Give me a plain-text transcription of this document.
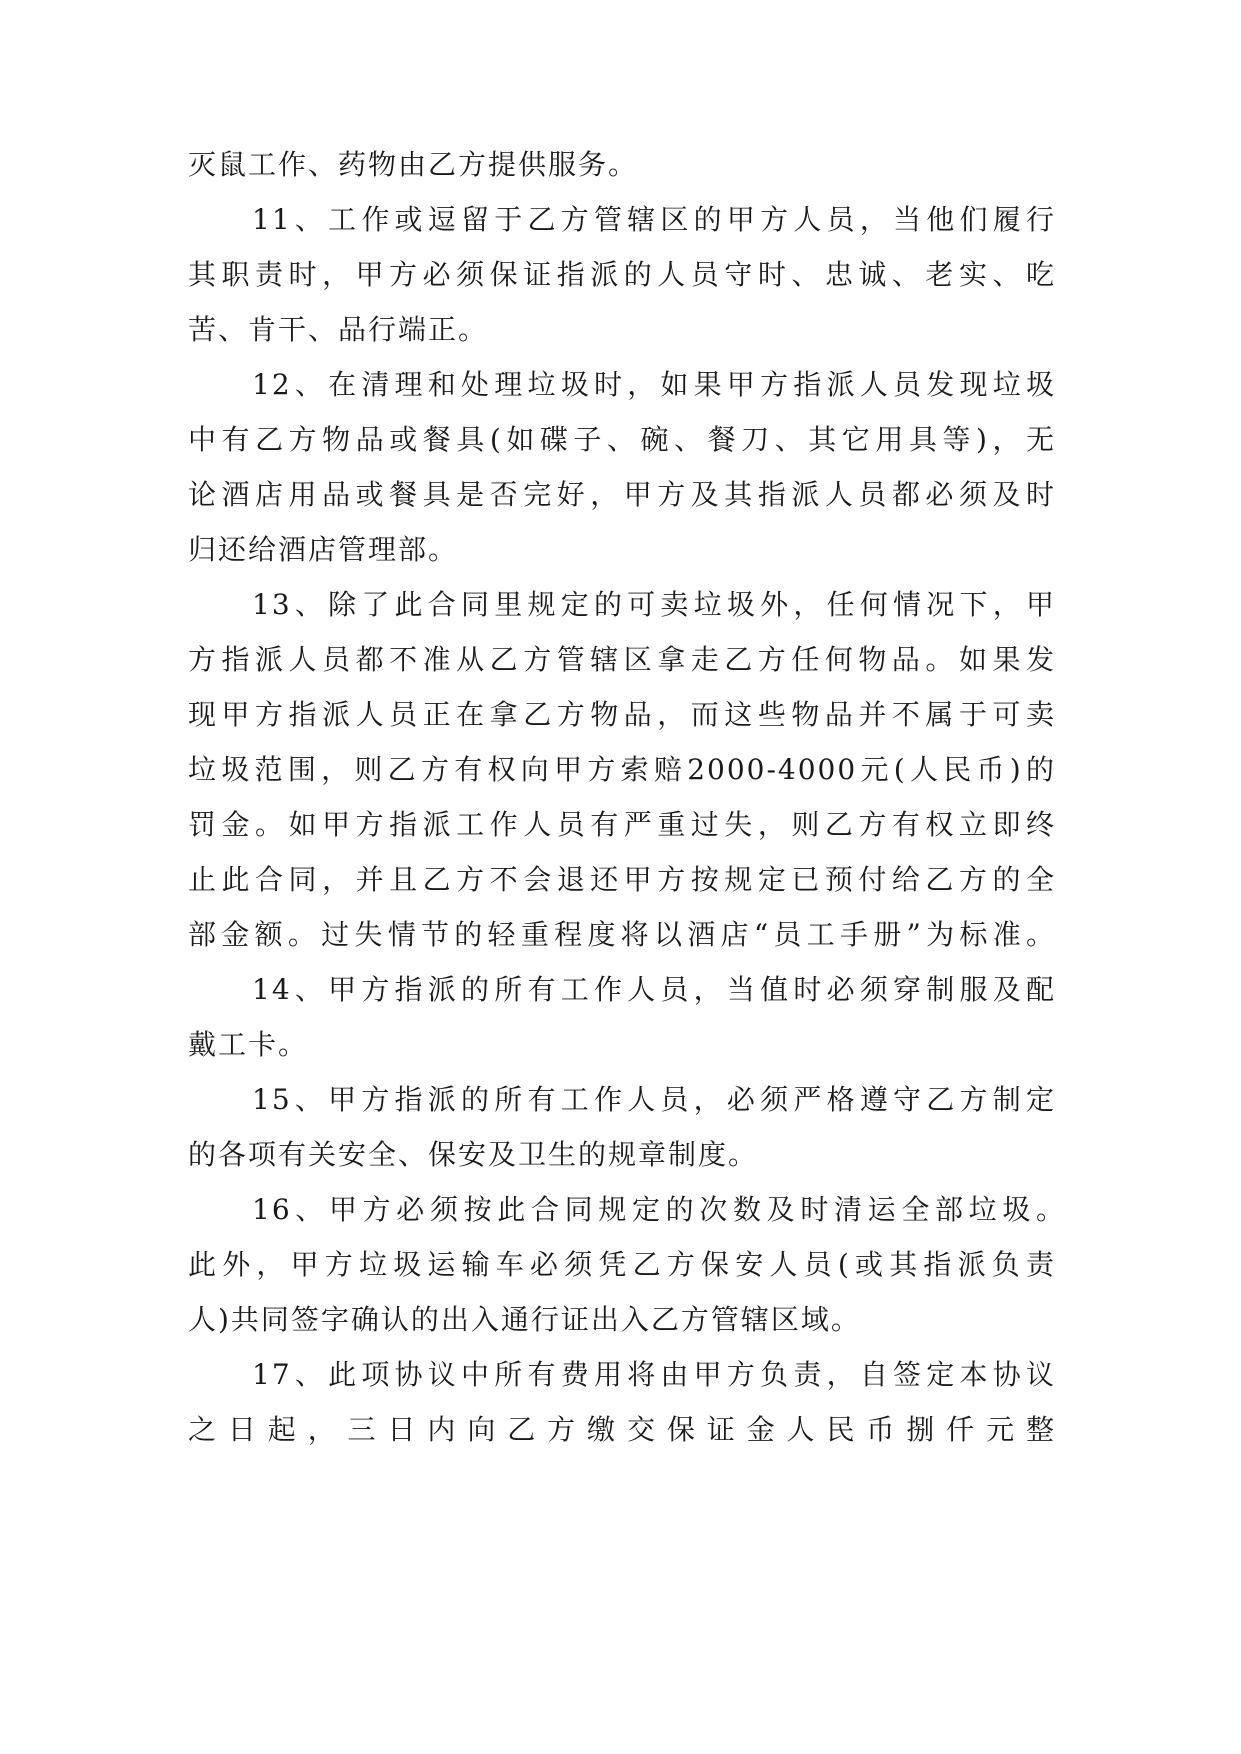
灭鼠工作、药物由乙方提供服务。

11、工作或逗留于乙方管辖区的甲方人员，当他们履行

其职责时，甲方必须保证指派的人员守时、忠诚、老实、吃

苦、肯干、品行端正。

12、在清理和处理垃圾时，如果甲方指派人员发现垃圾

中有乙方物品或餐具(如碟子、碗、餐刀、其它用具等)，无

论酒店用品或餐具是否完好，甲方及其指派人员都必须及时

归还给酒店管理部。

13、除了此合同里规定的可卖垃圾外，任何情况下，甲

方指派人员都不准从乙方管辖区拿走乙方任何物品。如果发

现甲方指派人员正在拿乙方物品，而这些物品并不属于可卖

垃圾范围，则乙方有权向甲方索赔2000-4000元(人民币)的

罚金。如甲方指派工作人员有严重过失，则乙方有权立即终

止此合同，并且乙方不会退还甲方按规定已预付给乙方的全

部金额。过失情节的轻重程度将以酒店“员工手册”为标准。

14、甲方指派的所有工作人员，当值时必须穿制服及配

戴工卡。

15、甲方指派的所有工作人员，必须严格遵守乙方制定

的各项有关安全、保安及卫生的规章制度。

16、甲方必须按此合同规定的次数及时清运全部垃圾。

此外，甲方垃圾运输车必须凭乙方保安人员(或其指派负责

人)共同签字确认的出入通行证出入乙方管辖区域。

17、此项协议中所有费用将由甲方负责，自签定本协议

之日起，三日内向乙方缴交保证金人民币捌仟元整
